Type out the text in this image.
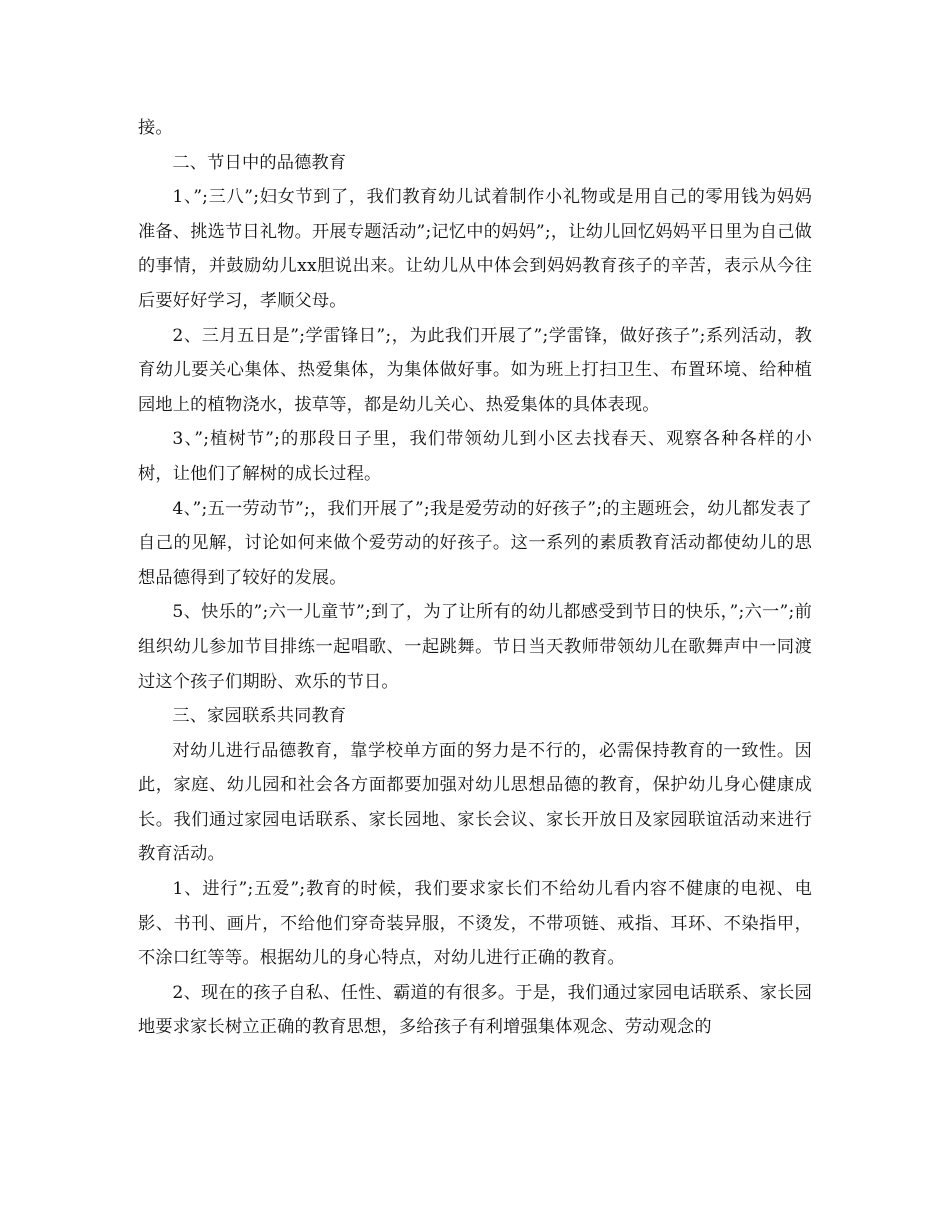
接。

二、节日中的品德教育

1、”;三八”;妇女节到了，我们教育幼儿试着制作小礼物或是用自己的零用钱为妈妈准备、挑选节日礼物。开展专题活动”;记忆中的妈妈”;，让幼儿回忆妈妈平日里为自己做的事情，并鼓励幼儿xx胆说出来。让幼儿从中体会到妈妈教育孩子的辛苦，表示从今往后要好好学习，孝顺父母。

2、三月五日是”;学雷锋日”;，为此我们开展了”;学雷锋，做好孩子”;系列活动，教育幼儿要关心集体、热爱集体，为集体做好事。如为班上打扫卫生、布置环境、给种植园地上的植物浇水，拔草等，都是幼儿关心、热爱集体的具体表现。

3、”;植树节”;的那段日子里，我们带领幼儿到小区去找春天、观察各种各样的小树，让他们了解树的成长过程。

4、”;五一劳动节”;，我们开展了”;我是爱劳动的好孩子”;的主题班会，幼儿都发表了自己的见解，讨论如何来做个爱劳动的好孩子。这一系列的素质教育活动都使幼儿的思想品德得到了较好的发展。

5、快乐的”;六一儿童节”;到了，为了让所有的幼儿都感受到节日的快乐，”;六一”;前组织幼儿参加节目排练一起唱歌、一起跳舞。节日当天教师带领幼儿在歌舞声中一同渡过这个孩子们期盼、欢乐的节日。

三、家园联系共同教育

对幼儿进行品德教育，靠学校单方面的努力是不行的，必需保持教育的一致性。因此，家庭、幼儿园和社会各方面都要加强对幼儿思想品德的教育，保护幼儿身心健康成长。我们通过家园电话联系、家长园地、家长会议、家长开放日及家园联谊活动来进行教育活动。

1、进行”;五爱”;教育的时候，我们要求家长们不给幼儿看内容不健康的电视、电影、书刊、画片，不给他们穿奇装异服，不烫发，不带项链、戒指、耳环、不染指甲，不涂口红等等。根据幼儿的身心特点，对幼儿进行正确的教育。

2、现在的孩子自私、任性、霸道的有很多。于是，我们通过家园电话联系、家长园地要求家长树立正确的教育思想，多给孩子有利增强集体观念、劳动观念的
